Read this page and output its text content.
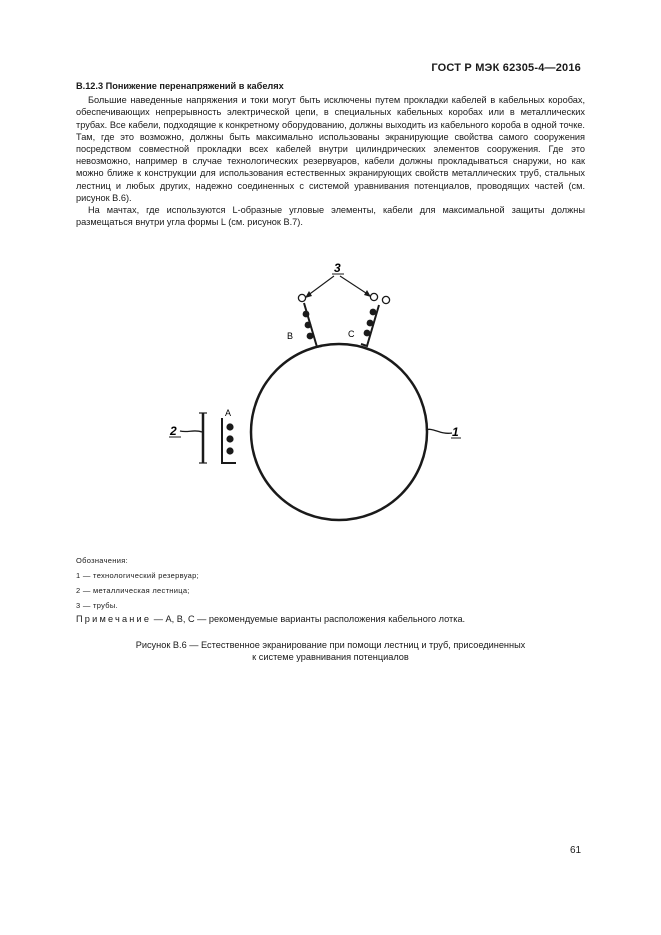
ГОСТ Р МЭК 62305-4—2016
В.12.3 Понижение перенапряжений в кабелях

Большие наведенные напряжения и токи могут быть исключены путем прокладки кабелей в кабельных коробах, обеспечивающих непрерывность электрической цепи, в специальных кабельных коробах или в металлических трубах. Все кабели, подходящие к конкретному оборудованию, должны выходить из кабельного короба в одной точке. Там, где это возможно, должны быть максимально использованы экранирующие свойства самого сооружения посредством совместной прокладки всех кабелей внутри цилиндрических элементов сооружения. Где это невозможно, например в случае технологических резервуаров, кабели должны прокладываться снаружи, но как можно ближе к конструкции для использования естественных экранирующих свойств металлических труб, стальных лестниц и любых других, надежно соединенных с системой уравнивания потенциалов, проводящих частей (см. рисунок В.6).

На мачтах, где используются L-образные угловые элементы, кабели для максимальной защиты должны размещаться внутри угла формы L (см. рисунок В.7).

1
2
A
B	C
3
Обозначения:
1 — технологический резервуар;
2 — металлическая лестница;
3 — трубы.
Примечание — A, B, C — рекомендуемые варианты расположения кабельного лотка.
Рисунок В.6 — Естественное экранирование при помощи лестниц и труб, присоединенных
к системе уравнивания потенциалов
61
